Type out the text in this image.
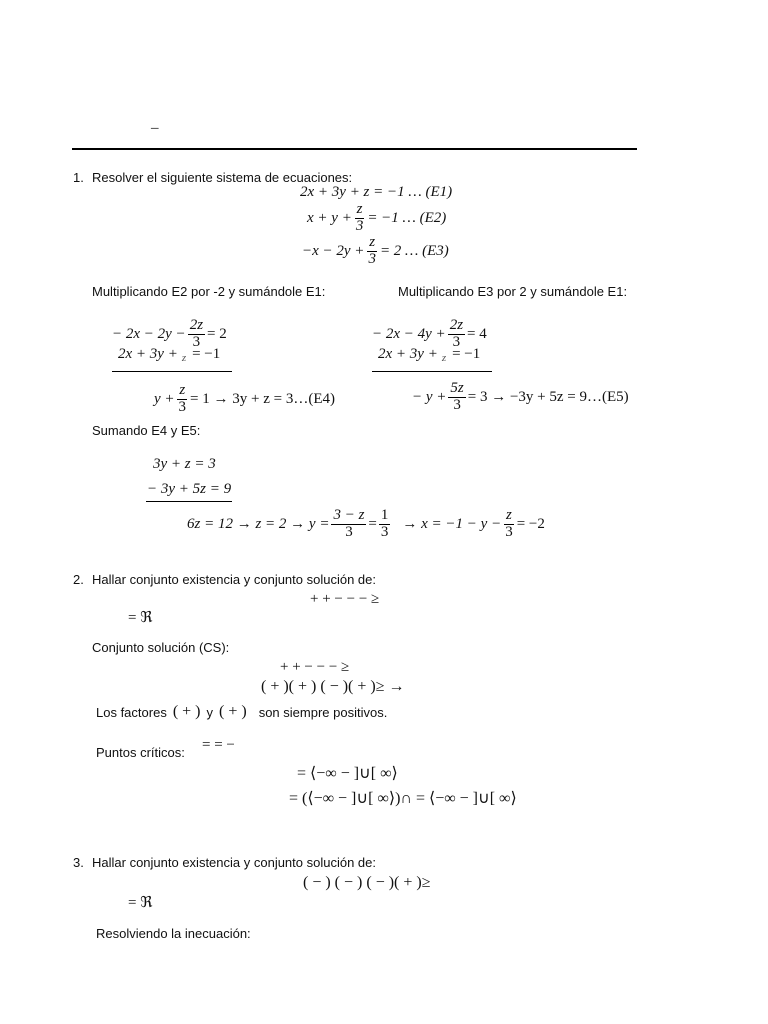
–
1. Resolver el siguiente sistema de ecuaciones:
2x + 3y + z = −1 … (E1)
$x + y + \frac{z}{3} = -1$ … (E2)
$-x - 2y + \frac{z}{3} = 2$ … (E3)
Multiplicando E2 por -2 y sumándole E1:	Multiplicando E3 por 2 y sumándole E1:
− $2x - 2y - \frac{2z}{3} = 2$
2x + 3y + z = −1
$y + \frac{z}{3} = 1 \to 3y + z$ = 3…(E4)
− $2x - 4y + \frac{2z}{3} = 4$
2x + 3y + z = −1
− $y + \frac{5z}{3} = 3 \to -3y + 5z$ = 9…(E5)
Sumando E4 y E5:
3y + z = 3
− 3y + 5z = 9
$6z = 12 \to z = 2 \to y = \frac{3 - z}{3} = \frac{1}{3} \to x = -1 - y - \frac{z}{3} = -2$
2. Hallar conjunto existencia y conjunto solución de:
+ + − − − ≥
= ℜ
Conjunto solución (CS):
+ + − − − ≥
( + )( + ) ( − )( + )≥ →
Los factores ( + ) y ( + ) son siempre positivos.
Puntos críticos: = = −
= ⟨−∞ − ]∪[ ∞⟩
= (⟨−∞ − ]∪[ ∞⟩)∩ = ⟨−∞ − ]∪[ ∞⟩
3. Hallar conjunto existencia y conjunto solución de:
( − ) ( − ) ( − )( + )≥
= ℜ
Resolviendo la inecuación:
